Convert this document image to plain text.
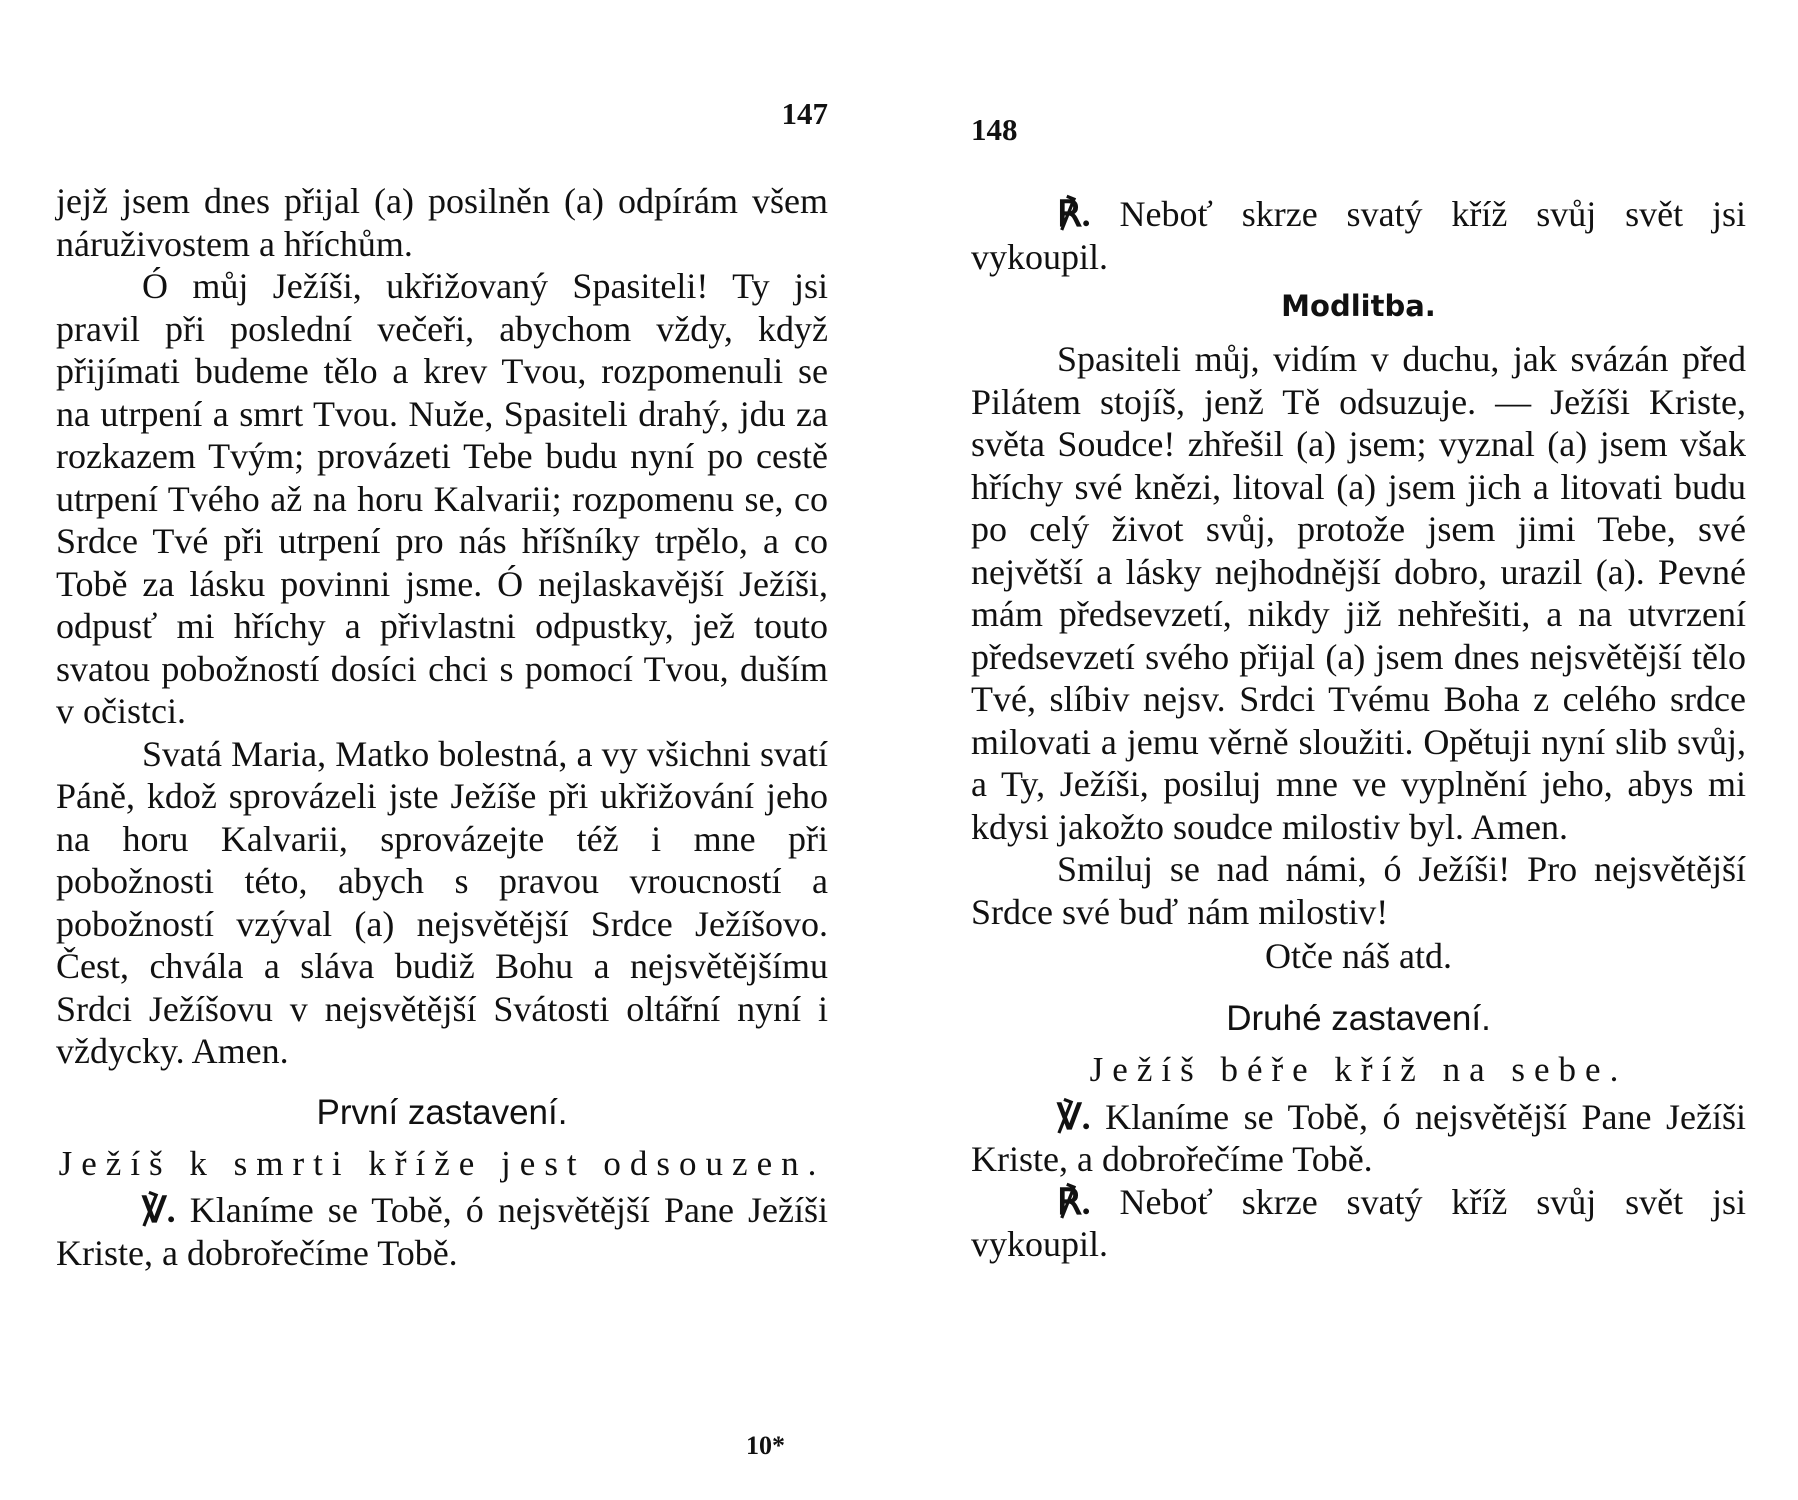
147

jejž jsem dnes přijal (a) posilněn (a) odpírám všem náruživostem a hříchům.

Ó můj Ježíši, ukřižovaný Spasiteli! Ty jsi pravil při poslední večeři, abychom vždy, když přijímati budeme tělo a krev Tvou, rozpomenuli se na utrpení a smrt Tvou. Nuže, Spasiteli drahý, jdu za rozkazem Tvým; provázeti Tebe budu nyní po cestě utrpení Tvého až na horu Kalvarii; rozpomenu se, co Srdce Tvé při utrpení pro nás hříšníky trpělo, a co Tobě za lásku povinni jsme. Ó nejlaskavější Ježíši, odpusť mi hříchy a přivlastni odpustky, jež touto svatou pobožností dosíci chci s pomocí Tvou, duším v očistci.

Svatá Maria, Matko bolestná, a vy všichni svatí Páně, kdož sprovázeli jste Ježíše při ukřižování jeho na horu Kalvarii, sprovázejte též i mne při pobožnosti této, abych s pravou vroucností a pobožností vzýval (a) nejsvětější Srdce Ježíšovo. Čest, chvála a sláva budiž Bohu a nejsvětějšímu Srdci Ježíšovu v nejsvětější Svátosti oltářní nyní i vždycky. Amen.

První zastavení.
Ježíš k smrti kříže jest odsouzen.

℣. Klaníme se Tobě, ó nejsvětější Pane Ježíši Kriste, a dobrořečíme Tobě.

10*
148

℟. Neboť skrze svatý kříž svůj svět jsi vykoupil.

Modlitba.

Spasiteli můj, vidím v duchu, jak svázán před Pilátem stojíš, jenž Tě odsuzuje. — Ježíši Kriste, světa Soudce! zhřešil (a) jsem; vyznal (a) jsem však hříchy své knězi, litoval (a) jsem jich a litovati budu po celý život svůj, protože jsem jimi Tebe, své největší a lásky nejhodnější dobro, urazil (a). Pevné mám předsevzetí, nikdy již nehřešiti, a na utvrzení předsevzetí svého přijal (a) jsem dnes nejsvětější tělo Tvé, slíbiv nejsv. Srdci Tvému Boha z celého srdce milovati a jemu věrně sloužiti. Opětuji nyní slib svůj, a Ty, Ježíši, posiluj mne ve vyplnění jeho, abys mi kdysi jakožto soudce milostiv byl. Amen.

Smiluj se nad námi, ó Ježíši! Pro nejsvětější Srdce své buď nám milostiv!

Otče náš atd.
Druhé zastavení.
Ježíš béře kříž na sebe.

℣. Klaníme se Tobě, ó nejsvětější Pane Ježíši Kriste, a dobrořečíme Tobě.

℟. Neboť skrze svatý kříž svůj svět jsi vykoupil.
